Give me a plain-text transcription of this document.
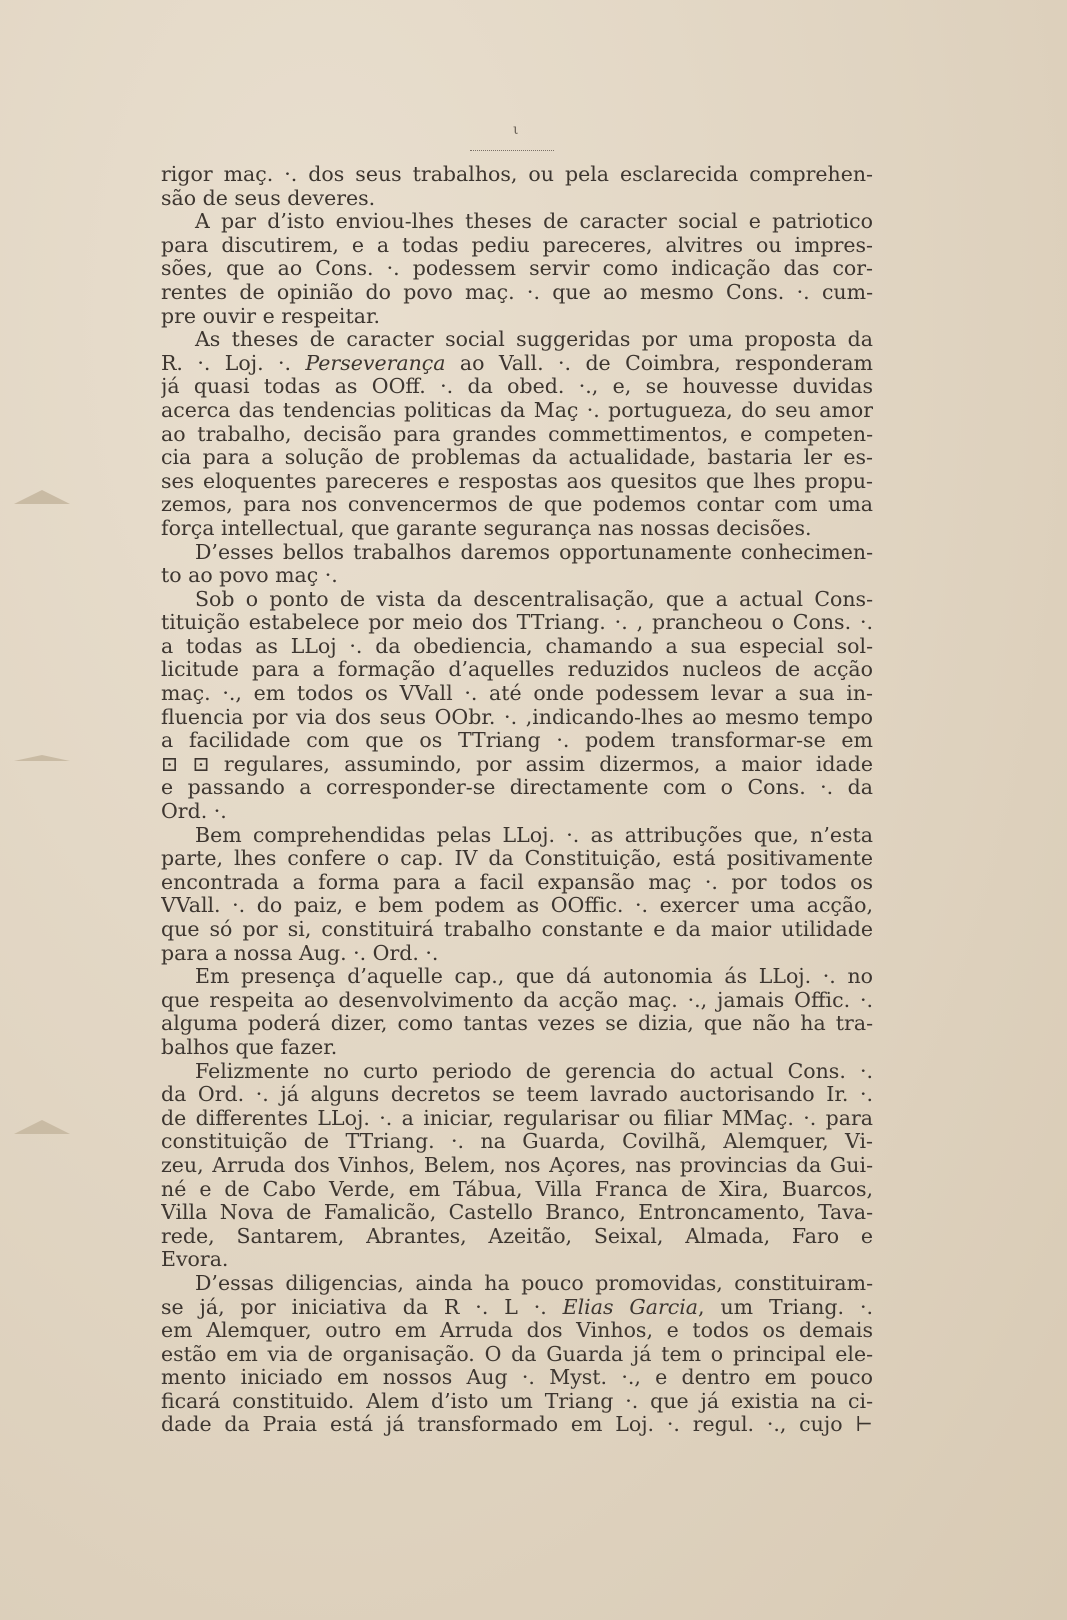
ι
rigor maç. ·. dos seus trabalhos, ou pela esclarecida comprehen-
são de seus deveres.
A par d’isto enviou-lhes theses de caracter social e patriotico
para discutirem, e a todas pediu pareceres, alvitres ou impres-
sões, que ao Cons. ·. podessem servir como indicação das cor-
rentes de opinião do povo maç. ·. que ao mesmo Cons. ·. cum-
pre ouvir e respeitar.
As theses de caracter social suggeridas por uma proposta da
R. ·. Loj. ·. Perseverança ao Vall. ·. de Coimbra, responderam
já quasi todas as OOff. ·. da obed. ·., e, se houvesse duvidas
acerca das tendencias politicas da Maç ·. portugueza, do seu amor
ao trabalho, decisão para grandes commettimentos, e competen-
cia para a solução de problemas da actualidade, bastaria ler es-
ses eloquentes pareceres e respostas aos quesitos que lhes propu-
zemos, para nos convencermos de que podemos contar com uma
força intellectual, que garante segurança nas nossas decisões.
D’esses bellos trabalhos daremos opportunamente conhecimen-
to ao povo maç ·.
Sob o ponto de vista da descentralisação, que a actual Cons-
tituição estabelece por meio dos TTriang. ·. , prancheou o Cons. ·.
a todas as LLoj ·. da obediencia, chamando a sua especial sol-
licitude para a formação d’aquelles reduzidos nucleos de acção
maç. ·., em todos os VVall ·. até onde podessem levar a sua in-
fluencia por via dos seus OObr. ·. ,indicando-lhes ao mesmo tempo
a facilidade com que os TTriang ·. podem transformar-se em
⊡ ⊡ regulares, assumindo, por assim dizermos, a maior idade
e passando a corresponder-se directamente com o Cons. ·. da
Ord. ·.
Bem comprehendidas pelas LLoj. ·. as attribuções que, n’esta
parte, lhes confere o cap. IV da Constituição, está positivamente
encontrada a forma para a facil expansão maç ·. por todos os
VVall. ·. do paiz, e bem podem as OOffic. ·. exercer uma acção,
que só por si, constituirá trabalho constante e da maior utilidade
para a nossa Aug. ·. Ord. ·.
Em presença d’aquelle cap., que dá autonomia ás LLoj. ·. no
que respeita ao desenvolvimento da acção maç. ·., jamais Offic. ·.
alguma poderá dizer, como tantas vezes se dizia, que não ha tra-
balhos que fazer.
Felizmente no curto periodo de gerencia do actual Cons. ·.
da Ord. ·. já alguns decretos se teem lavrado auctorisando Ir. ·.
de differentes LLoj. ·. a iniciar, regularisar ou filiar MMaç. ·. para
constituição de TTriang. ·. na Guarda, Covilhã, Alemquer, Vi-
zeu, Arruda dos Vinhos, Belem, nos Açores, nas provincias da Gui-
né e de Cabo Verde, em Tábua, Villa Franca de Xira, Buarcos,
Villa Nova de Famalicão, Castello Branco, Entroncamento, Tava-
rede, Santarem, Abrantes, Azeitão, Seixal, Almada, Faro e
Evora.
D’essas diligencias, ainda ha pouco promovidas, constituiram-
se já, por iniciativa da R ·. L ·. Elias Garcia, um Triang. ·.
em Alemquer, outro em Arruda dos Vinhos, e todos os demais
estão em via de organisação. O da Guarda já tem o principal ele-
mento iniciado em nossos Aug ·. Myst. ·., e dentro em pouco
ficará constituido. Alem d’isto um Triang ·. que já existia na ci-
dade da Praia está já transformado em Loj. ·. regul. ·., cujo ⊢
